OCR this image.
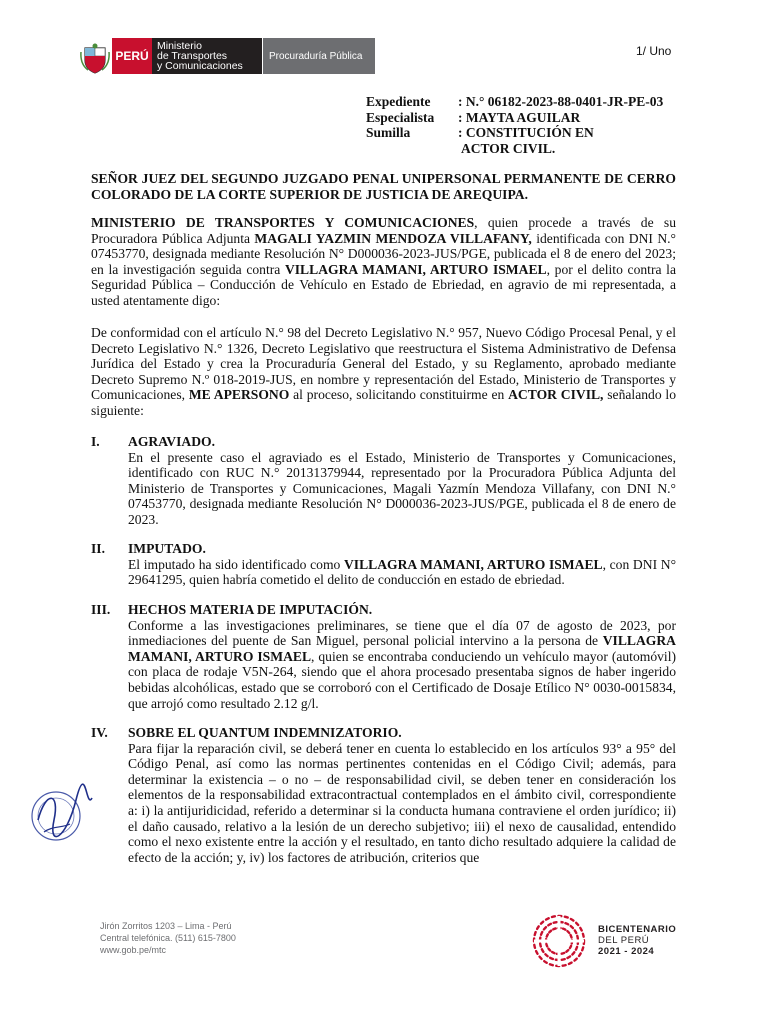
PERÚ
Ministerio
de Transportes
y Comunicaciones
Procuraduría Pública	1/ Uno
Expediente	: N.° 06182-2023-88-0401-JR-PE-03
Especialista	: MAYTA AGUILAR
Sumilla	: CONSTITUCIÓN EN
ACTOR CIVIL.
SEÑOR JUEZ DEL SEGUNDO JUZGADO PENAL UNIPERSONAL PERMANENTE DE CERRO COLORADO DE LA CORTE SUPERIOR DE JUSTICIA DE AREQUIPA.

MINISTERIO DE TRANSPORTES Y COMUNICACIONES, quien procede a través de su Procuradora Pública Adjunta MAGALI YAZMIN MENDOZA VILLAFANY, identificada con DNI N.° 07453770, designada mediante Resolución N° D000036-2023-JUS/PGE, publicada el 8 de enero del 2023; en la investigación seguida contra VILLAGRA MAMANI, ARTURO ISMAEL, por el delito contra la Seguridad Pública – Conducción de Vehículo en Estado de Ebriedad, en agravio de mi representada, a usted atentamente digo:

De conformidad con el artículo N.° 98 del Decreto Legislativo N.° 957, Nuevo Código Procesal Penal, y el Decreto Legislativo N.° 1326, Decreto Legislativo que reestructura el Sistema Administrativo de Defensa Jurídica del Estado y crea la Procuraduría General del Estado, y su Reglamento, aprobado mediante Decreto Supremo N.º 018-2019-JUS, en nombre y representación del Estado, Ministerio de Transportes y Comunicaciones, ME APERSONO al proceso, solicitando constituirme en ACTOR CIVIL, señalando lo siguiente:

I. AGRAVIADO.
En el presente caso el agraviado es el Estado, Ministerio de Transportes y Comunicaciones, identificado con RUC N.° 20131379944, representado por la Procuradora Pública Adjunta del Ministerio de Transportes y Comunicaciones, Magali Yazmín Mendoza Villafany, con DNI N.° 07453770, designada mediante Resolución N° D000036-2023-JUS/PGE, publicada el 8 de enero de 2023.
II. IMPUTADO.
El imputado ha sido identificado como VILLAGRA MAMANI, ARTURO ISMAEL, con DNI N° 29641295, quien habría cometido el delito de conducción en estado de ebriedad.
III. HECHOS MATERIA DE IMPUTACIÓN.
Conforme a las investigaciones preliminares, se tiene que el día 07 de agosto de 2023, por inmediaciones del puente de San Miguel, personal policial intervino a la persona de VILLAGRA MAMANI, ARTURO ISMAEL, quien se encontraba conduciendo un vehículo mayor (automóvil) con placa de rodaje V5N-264, siendo que el ahora procesado presentaba signos de haber ingerido bebidas alcohólicas, estado que se corroboró con el Certificado de Dosaje Etílico N° 0030-0015834, que arrojó como resultado 2.12 g/l.
IV. SOBRE EL QUANTUM INDEMNIZATORIO.
Para fijar la reparación civil, se deberá tener en cuenta lo establecido en los artículos 93° a 95° del Código Penal, así como las normas pertinentes contenidas en el Código Civil; además, para determinar la existencia – o no – de responsabilidad civil, se deben tener en consideración los elementos de la responsabilidad extracontractual contemplados en el ámbito civil, correspondiente a: i) la antijuridicidad, referido a determinar si la conducta humana contraviene el orden jurídico; ii) el daño causado, relativo a la lesión de un derecho subjetivo; iii) el nexo de causalidad, entendido como el nexo existente entre la acción y el resultado, en tanto dicho resultado adquiere la calidad de efecto de la acción; y, iv) los factores de atribución, criterios que
Jirón Zorritos 1203 – Lima - Perú
Central telefónica. (511) 615-7800
www.gob.pe/mtc
BICENTENARIO
DEL PERÚ
2021 - 2024
